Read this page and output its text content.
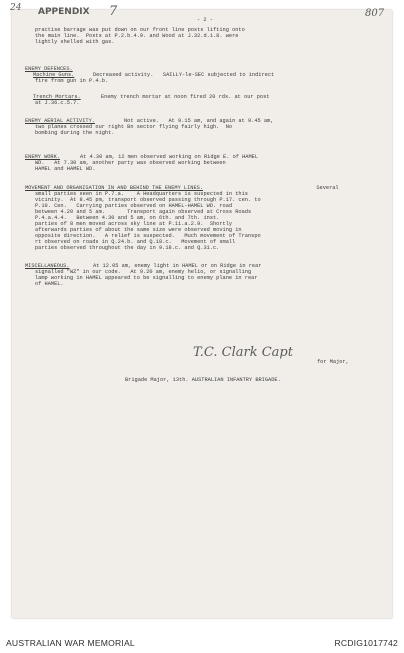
24 APPENDIX 7	807
- 2 -
practise barrage was put down on our front line posts lifting onto
the main line.  Posts at P.2.b.4.9. and Wood at J.32.d.1.8. were
lightly shelled with gas.
ENEMY DEFENCES.
Machine Guns.	Decreased activity.   SAILLY-le-SEC subjected to indirect
fire from gun in P.4.b.
Trench Mortars.	Enemy trench mortar at noon fired 20 rds. at our post
at J.36.c.5.7.
ENEMY AERIAL ACTIVITY.	Not active.   At 9.15 am, and again at 9.45 am,
two planes crossed our right Bn sector flying fairly high.  No
bombing during the night.
ENEMY WORK.	At 4.30 am, 12 men observed working on Ridge E. of HAMEL
WD.   At 7.30 am, another party was observed working between
HAMEL and HAMEL WD.
MOVEMENT AND ORGANISATION IN AND BEHIND THE ENEMY LINES.	Several
small parties seen in P.7.a.    A Headquarters is suspected in this
vicinity.  At 8.45 pm, transport observed passing through P.17. cen. to
P.10. Cen.   Carrying parties observed on HAMEL-HAMEL WD. road
between 4.20 and 5 am.       Transport again observed at Cross Roads
P.4.a.4.4.   Between 4.30 and 5 am, on 6th. and 7th. inst.
parties of 8 men moved across sky line at P.11.a.2.9.  Shortly
afterwards parties of about the same size were observed moving in
opposite direction.   A relief is suspected.   Much movement of Transpo
rt observed on roads in Q.24.b. and Q.18.c.   Movement of small
parties observed throughout the day in 9.18.c. and Q.31.c.
MISCELLANEOUS.	At 12.05 am, enemy light in HAMEL or on Ridge in rear
signalled "WZ" in our code.   At 9.20 am, enemy helio, or signalling
lamp working in HAMEL appeared to be signalling to enemy plane in rear
of HAMEL.
T.C. Clark Capt
for Major,
Brigade Major, 13th. AUSTRALIAN INFANTRY BRIGADE.
AUSTRALIAN WAR MEMORIAL	RCDIG1017742
